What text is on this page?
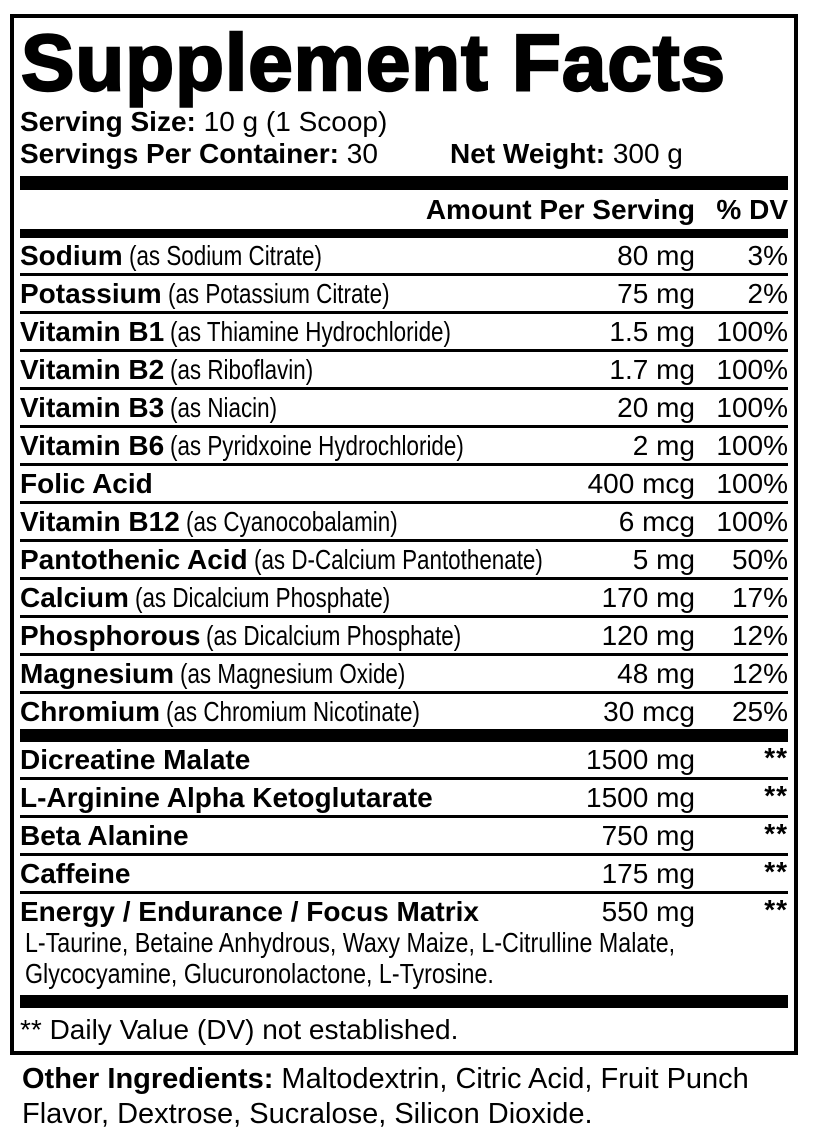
Supplement Facts
Serving Size: 10 g (1 Scoop)
Servings Per Container: 30	Net Weight: 300 g
Amount Per Serving % DV
Sodium (as Sodium Citrate)	80 mg	3%
Potassium (as Potassium Citrate)	75 mg	2%
Vitamin B1 (as Thiamine Hydrochloride)	1.5 mg 100%
Vitamin B2 (as Riboflavin)	1.7 mg 100%
Vitamin B3 (as Niacin)	20 mg 100%
Vitamin B6 (as Pyridxoine Hydrochloride)	2 mg 100%
Folic Acid	400 mcg 100%
Vitamin B12 (as Cyanocobalamin)	6 mcg 100%
Pantothenic Acid (as D-Calcium Pantothenate)	5 mg	50%
Calcium (as Dicalcium Phosphate)	170 mg	17%
Phosphorous (as Dicalcium Phosphate)	120 mg	12%
Magnesium (as Magnesium Oxide)	48 mg	12%
Chromium (as Chromium Nicotinate)	30 mcg	25%
Dicreatine Malate	1500 mg	**
L-Arginine Alpha Ketoglutarate	1500 mg	**
Beta Alanine	750 mg	**
Caffeine	175 mg	**
Energy / Endurance / Focus Matrix	550 mg	**
L-Taurine, Betaine Anhydrous, Waxy Maize, L-Citrulline Malate, Glycocyamine, Glucuronolactone, L-Tyrosine.
** Daily Value (DV) not established.
Other Ingredients: Maltodextrin, Citric Acid, Fruit Punch Flavor, Dextrose, Sucralose, Silicon Dioxide.
